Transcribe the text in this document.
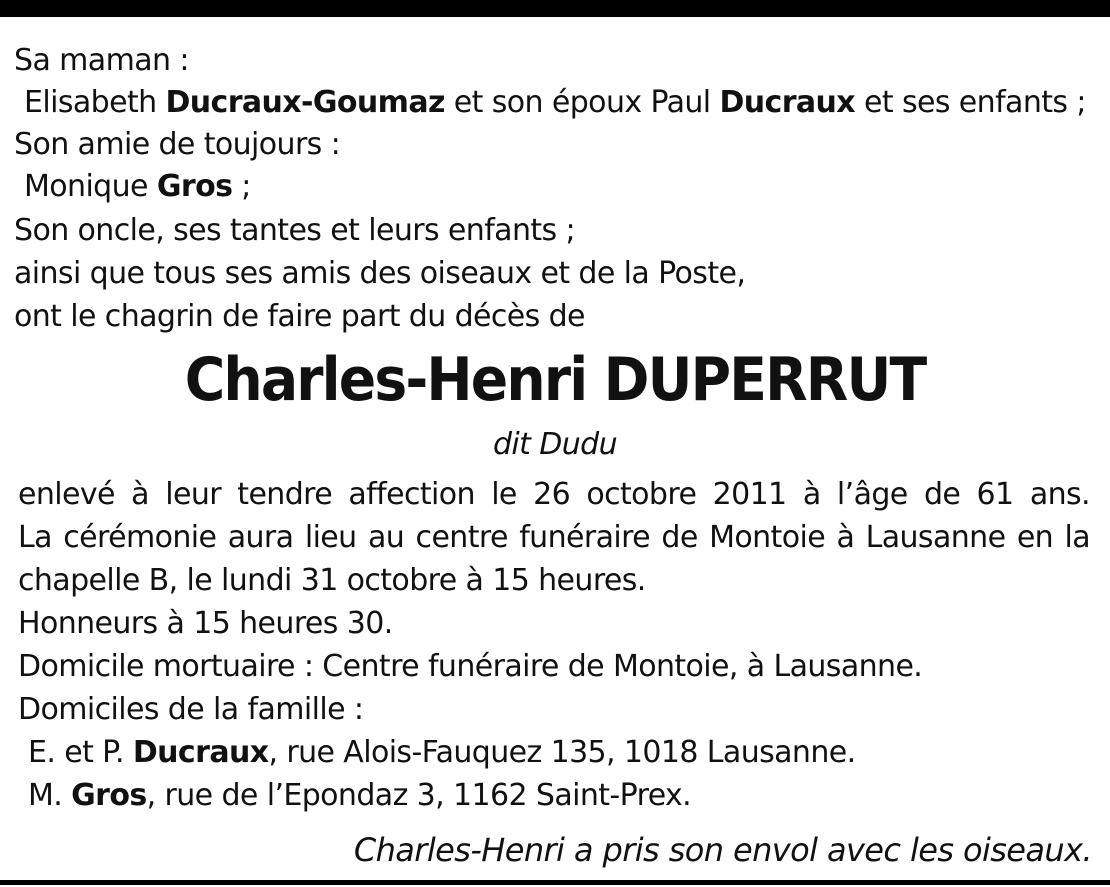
Sa maman :
Elisabeth Ducraux-Goumaz et son époux Paul Ducraux et ses enfants ;
Son amie de toujours :
Monique Gros ;
Son oncle, ses tantes et leurs enfants ;
ainsi que tous ses amis des oiseaux et de la Poste,
ont le chagrin de faire part du décès de
Charles-Henri DUPERRUT
dit Dudu
enlevé à leur tendre affection le 26 octobre 2011 à l’âge de 61 ans.
La cérémonie aura lieu au centre funéraire de Montoie à Lausanne en la
chapelle B, le lundi 31 octobre à 15 heures.
Honneurs à 15 heures 30.
Domicile mortuaire : Centre funéraire de Montoie, à Lausanne.
Domiciles de la famille :
E. et P. Ducraux, rue Alois-Fauquez 135, 1018 Lausanne.
M. Gros, rue de l’Epondaz 3, 1162 Saint-Prex.
Charles-Henri a pris son envol avec les oiseaux.
